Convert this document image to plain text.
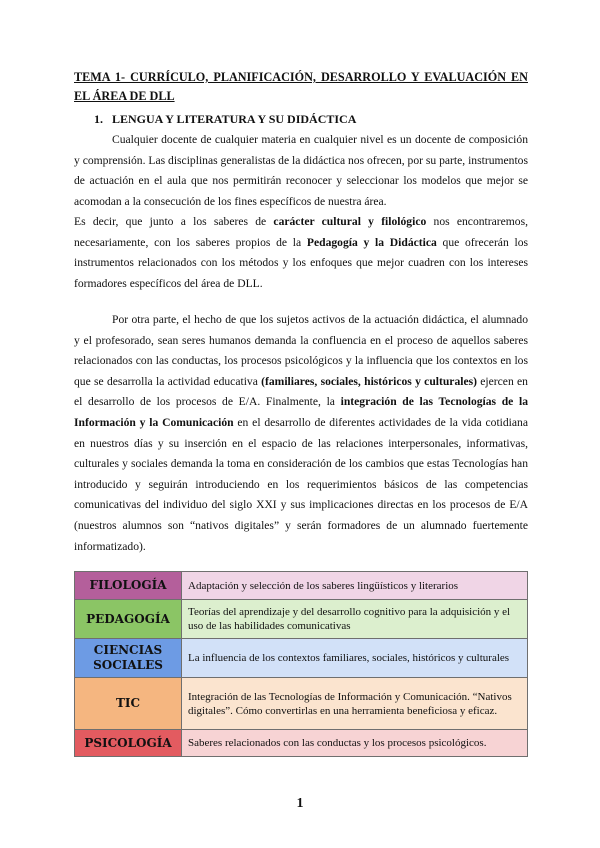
TEMA 1- CURRÍCULO, PLANIFICACIÓN, DESARROLLO Y EVALUACIÓN EN EL ÁREA DE DLL
1. LENGUA Y LITERATURA Y SU DIDÁCTICA

Cualquier docente de cualquier materia en cualquier nivel es un docente de composición y comprensión. Las disciplinas generalistas de la didáctica nos ofrecen, por su parte, instrumentos de actuación en el aula que nos permitirán reconocer y seleccionar los modelos que mejor se acomodan a la consecución de los fines específicos de nuestra área.

Es decir, que junto a los saberes de carácter cultural y filológico nos encontraremos, necesariamente, con los saberes propios de la Pedagogía y la Didáctica que ofrecerán los instrumentos relacionados con los métodos y los enfoques que mejor cuadren con los intereses formadores específicos del área de DLL.

Por otra parte, el hecho de que los sujetos activos de la actuación didáctica, el alumnado y el profesorado, sean seres humanos demanda la confluencia en el proceso de aquellos saberes relacionados con las conductas, los procesos psicológicos y la influencia que los contextos en los que se desarrolla la actividad educativa (familiares, sociales, históricos y culturales) ejercen en el desarrollo de los procesos de E/A. Finalmente, la integración de las Tecnologías de la Información y la Comunicación en el desarrollo de diferentes actividades de la vida cotidiana en nuestros días y su inserción en el espacio de las relaciones interpersonales, informativas, culturales y sociales demanda la toma en consideración de los cambios que estas Tecnologías han introducido y seguirán introduciendo en los requerimientos básicos de las competencias comunicativas del individuo del siglo XXI y sus implicaciones directas en los procesos de E/A (nuestros alumnos son “nativos digitales” y serán formadores de un alumnado fuertemente informatizado).

FILOLOGÍA	Adaptación y selección de los saberes lingüísticos y literarios
PEDAGOGÍA	Teorías del aprendizaje y del desarrollo cognitivo para la adquisición y el uso de las habilidades comunicativas
CIENCIAS SOCIALES	La influencia de los contextos familiares, sociales, históricos y culturales
TIC	Integración de las Tecnologías de Información y Comunicación. “Nativos digitales”. Cómo convertirlas en una herramienta beneficiosa y eficaz.
PSICOLOGÍA	Saberes relacionados con las conductas y los procesos psicológicos.
1
